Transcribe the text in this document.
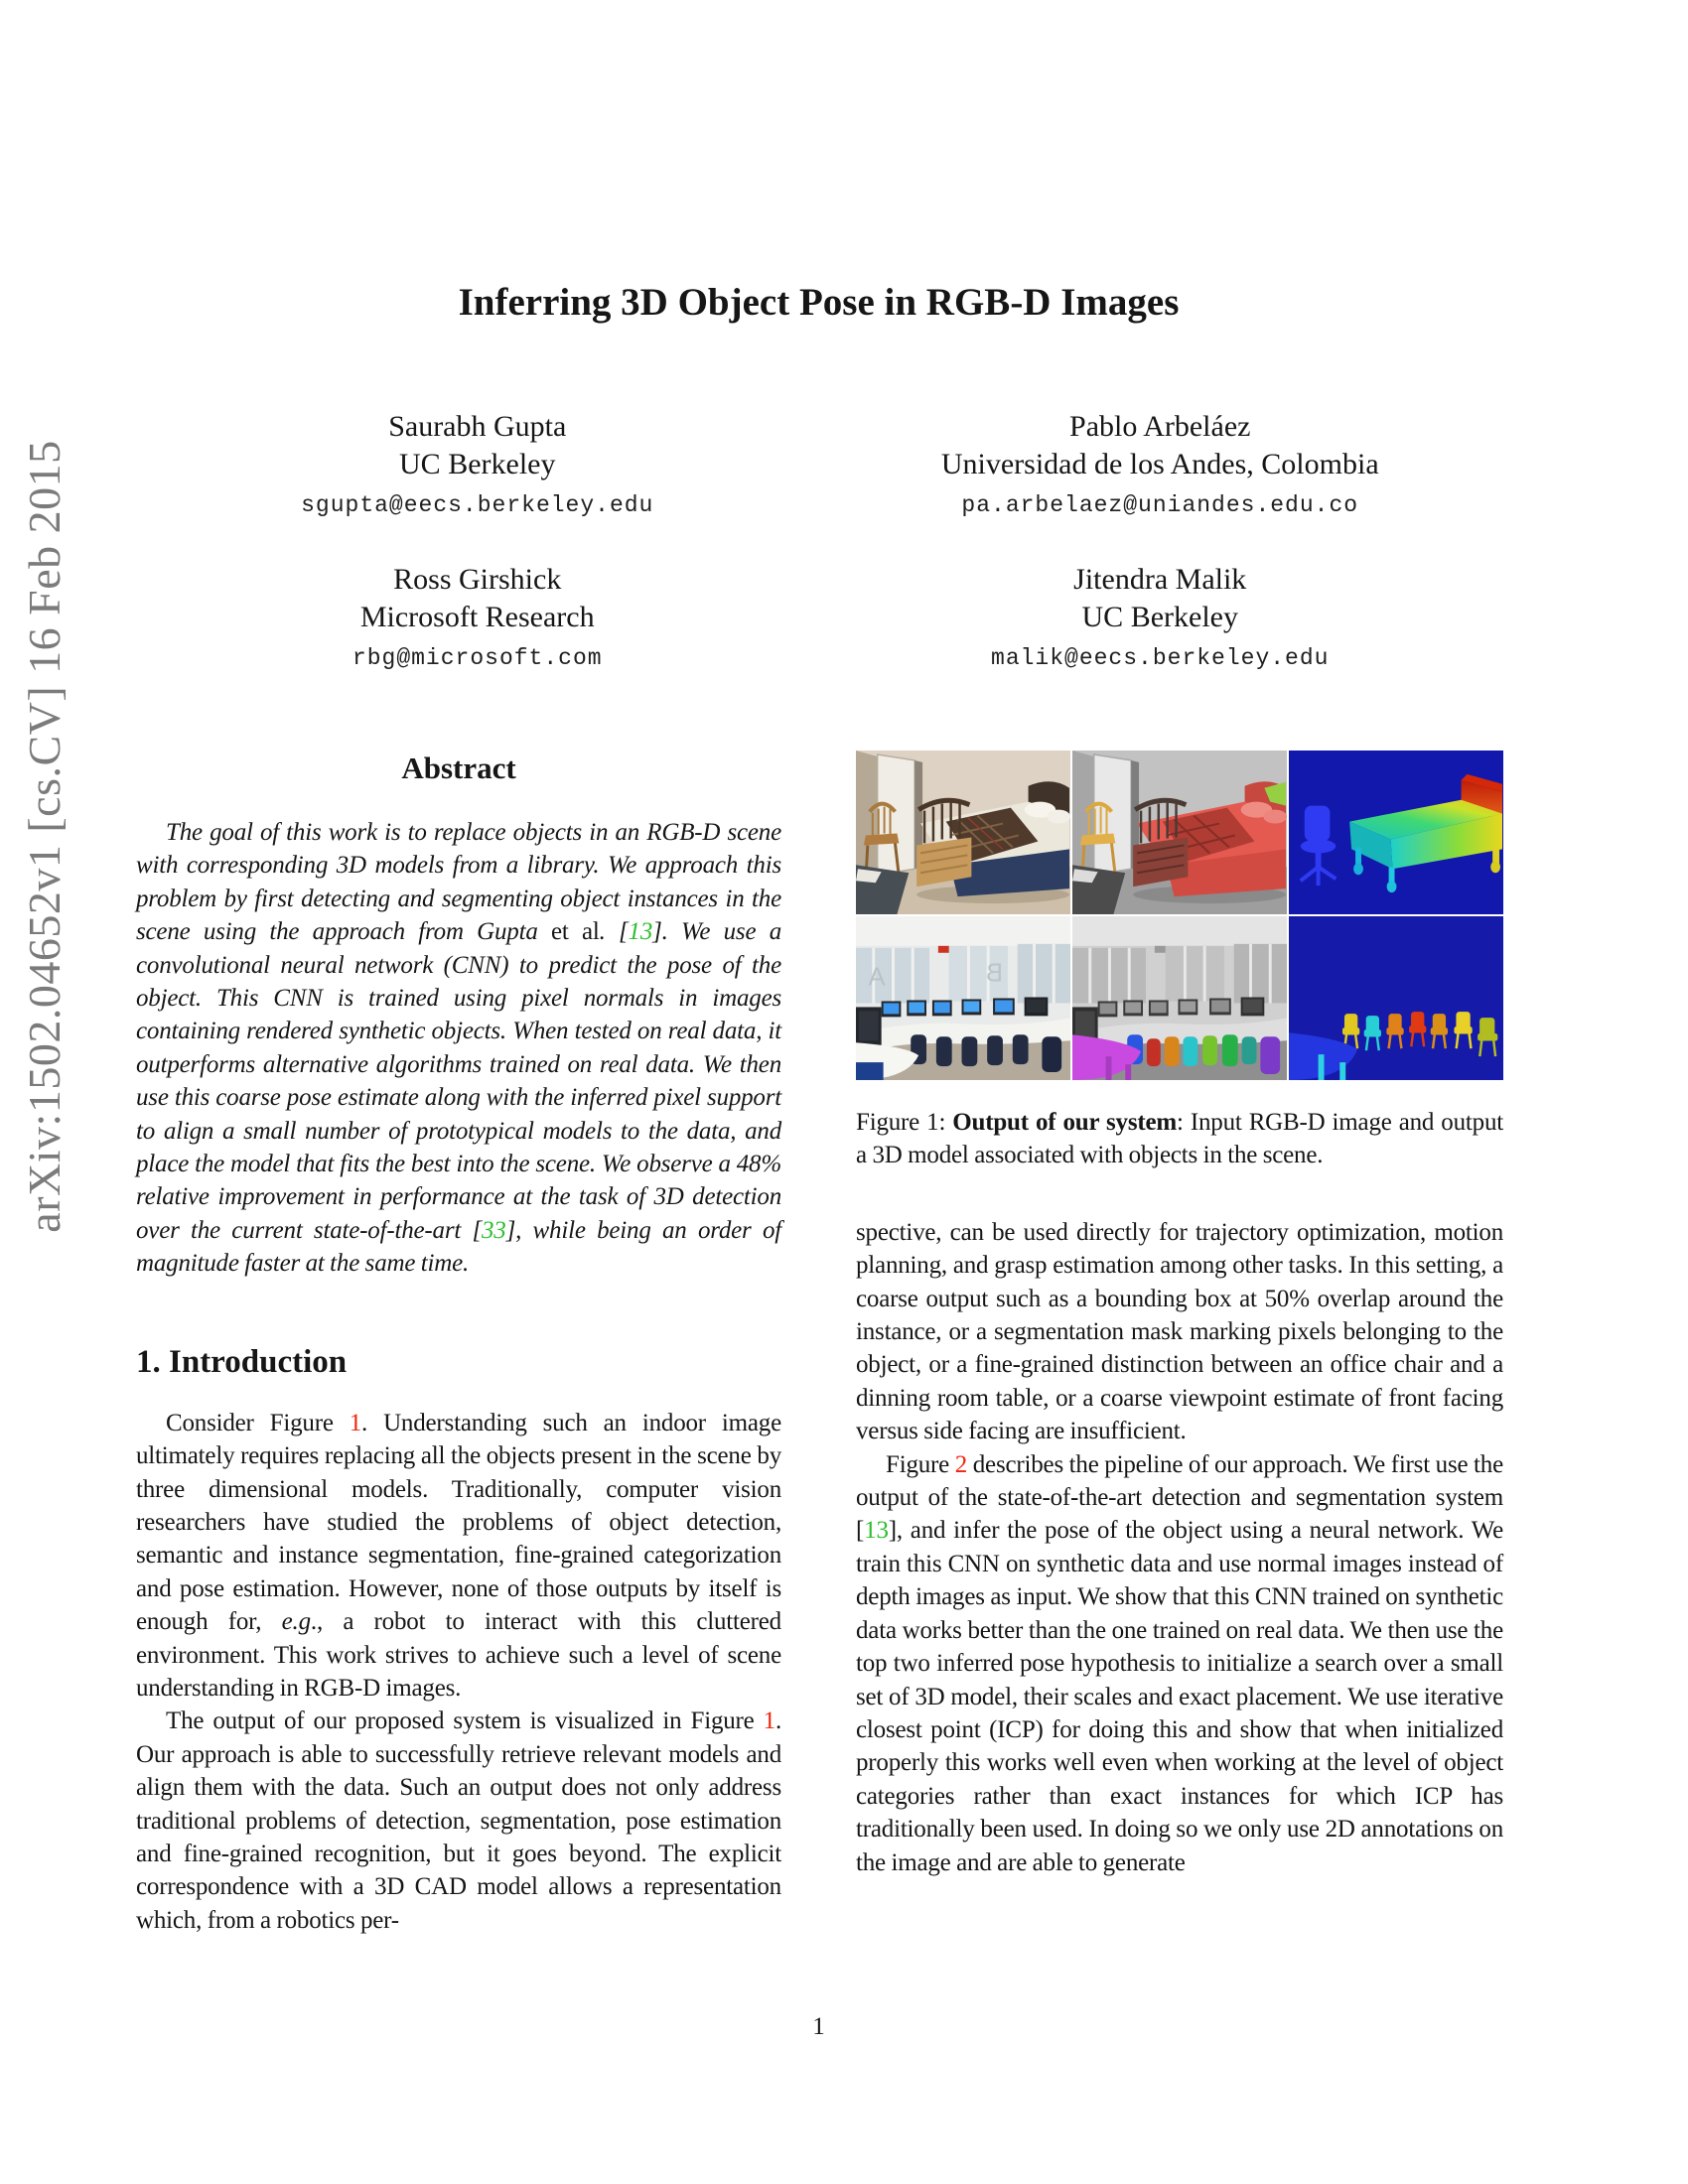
arXiv:1502.04652v1 [cs.CV] 16 Feb 2015
Inferring 3D Object Pose in RGB-D Images
Saurabh Gupta
UC Berkeley
sgupta@eecs.berkeley.edu
Pablo Arbeláez
Universidad de los Andes, Colombia
pa.arbelaez@uniandes.edu.co
Ross Girshick
Microsoft Research
rbg@microsoft.com
Jitendra Malik
UC Berkeley
malik@eecs.berkeley.edu
Abstract

The goal of this work is to replace objects in an RGB-D scene with corresponding 3D models from a library. We approach this problem by first detecting and segmenting object instances in the scene using the approach from Gupta et al. [13]. We use a convolutional neural network (CNN) to predict the pose of the object. This CNN is trained using pixel normals in images containing rendered synthetic objects. When tested on real data, it outperforms alternative algorithms trained on real data. We then use this coarse pose estimate along with the inferred pixel support to align a small number of prototypical models to the data, and place the model that fits the best into the scene. We observe a 48% relative improvement in performance at the task of 3D detection over the current state-of-the-art [33], while being an order of magnitude faster at the same time.

1. Introduction

Consider Figure 1. Understanding such an indoor image ultimately requires replacing all the objects present in the scene by three dimensional models. Traditionally, computer vision researchers have studied the problems of object detection, semantic and instance segmentation, fine-grained categorization and pose estimation. However, none of those outputs by itself is enough for, e.g., a robot to interact with this cluttered environment. This work strives to achieve such a level of scene understanding in RGB-D images.

The output of our proposed system is visualized in Figure 1. Our approach is able to successfully retrieve relevant models and align them with the data. Such an output does not only address traditional problems of detection, segmentation, pose estimation and fine-grained recognition, but it goes beyond. The explicit correspondence with a 3D CAD model allows a representation which, from a robotics per-

A	B
Figure 1: Output of our system: Input RGB-D image and output a 3D model associated with objects in the scene.

spective, can be used directly for trajectory optimization, motion planning, and grasp estimation among other tasks. In this setting, a coarse output such as a bounding box at 50% overlap around the instance, or a segmentation mask marking pixels belonging to the object, or a fine-grained distinction between an office chair and a dinning room table, or a coarse viewpoint estimate of front facing versus side facing are insufficient.

Figure 2 describes the pipeline of our approach. We first use the output of the state-of-the-art detection and segmentation system [13], and infer the pose of the object using a neural network. We train this CNN on synthetic data and use normal images instead of depth images as input. We show that this CNN trained on synthetic data works better than the one trained on real data. We then use the top two inferred pose hypothesis to initialize a search over a small set of 3D model, their scales and exact placement. We use iterative closest point (ICP) for doing this and show that when initialized properly this works well even when working at the level of object categories rather than exact instances for which ICP has traditionally been used. In doing so we only use 2D annotations on the image and are able to generate

1
